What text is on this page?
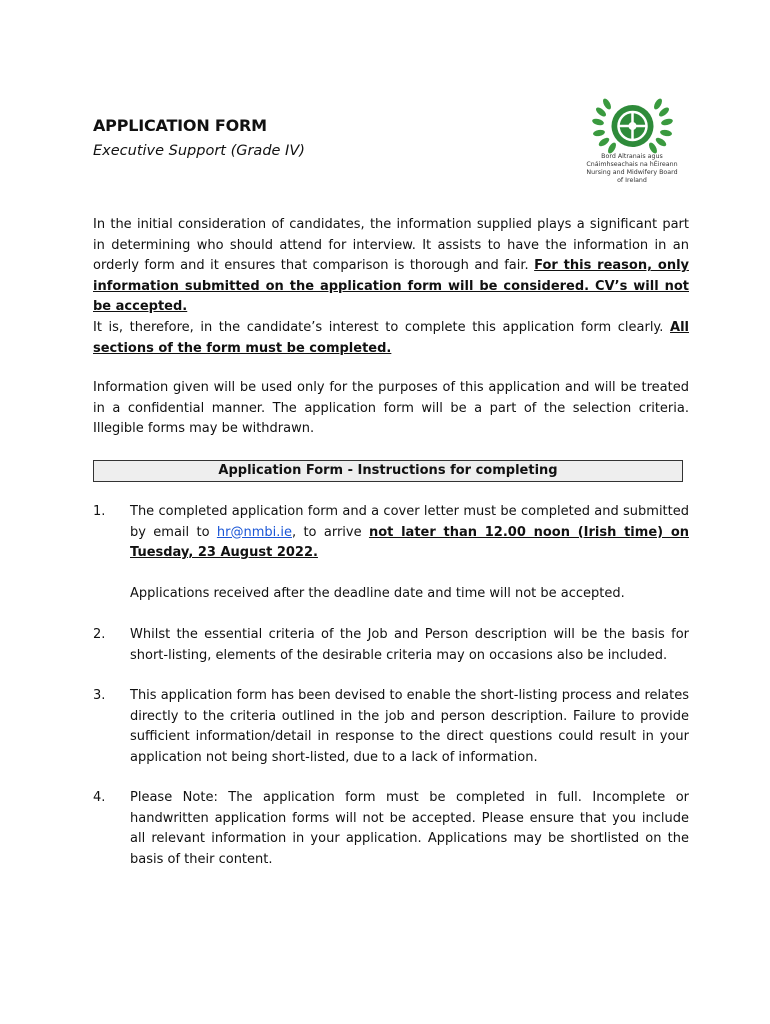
APPLICATION FORM
Executive Support (Grade IV)	Bord Altranais agus
Cnáimhseachais na hÉireann
Nursing and Midwifery Board
of Ireland

In the initial consideration of candidates, the information supplied plays a significant part in determining who should attend for interview. It assists to have the information in an orderly form and it ensures that comparison is thorough and fair. For this reason, only information submitted on the application form will be considered. CV’s will not be accepted.

It is, therefore, in the candidate’s interest to complete this application form clearly. All sections of the form must be completed.

Information given will be used only for the purposes of this application and will be treated in a confidential manner. The application form will be a part of the selection criteria. Illegible forms may be withdrawn.

Application Form - Instructions for completing
1. The completed application form and a cover letter must be completed and submitted by email to hr@nmbi.ie, to arrive not later than 12.00 noon (Irish time) on Tuesday, 23 August 2022.
Applications received after the deadline date and time will not be accepted.
2. Whilst the essential criteria of the Job and Person description will be the basis for short-listing, elements of the desirable criteria may on occasions also be included.
3. This application form has been devised to enable the short-listing process and relates directly to the criteria outlined in the job and person description. Failure to provide sufficient information/detail in response to the direct questions could result in your application not being short-listed, due to a lack of information.
4. Please Note: The application form must be completed in full. Incomplete or handwritten application forms will not be accepted. Please ensure that you include all relevant information in your application. Applications may be shortlisted on the basis of their content.
